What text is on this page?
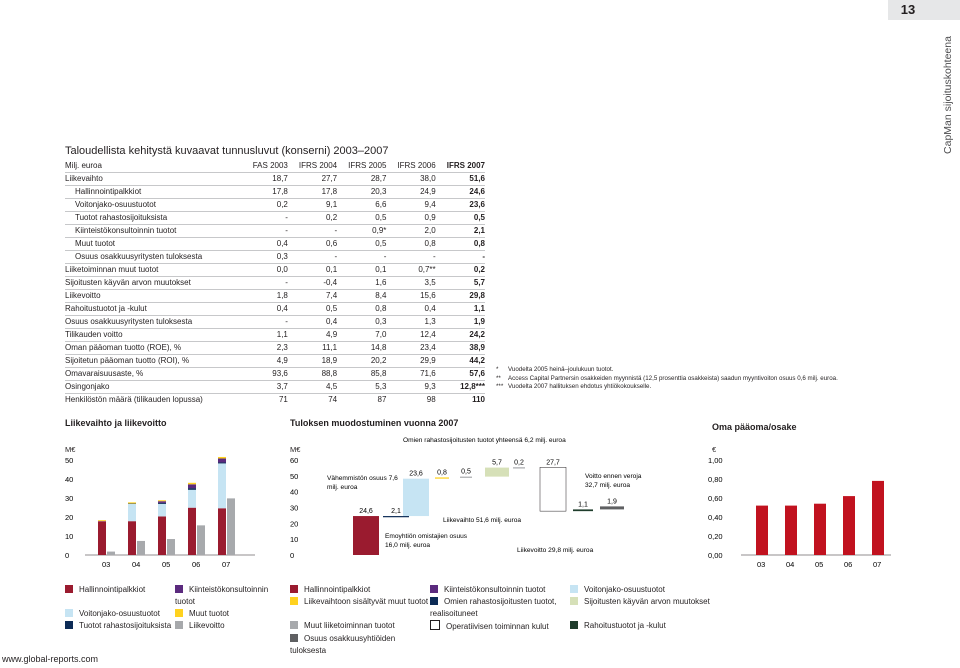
13
CapMan sijoituskohteena
Taloudellista kehitystä kuvaavat tunnusluvut (konserni) 2003–2007
Milj. euroa	FAS 2003	IFRS 2004	IFRS 2005	IFRS 2006	IFRS 2007
Liikevaihto	18,7	27,7	28,7	38,0	51,6
Hallinnointipalkkiot	17,8	17,8	20,3	24,9	24,6
Voitonjako-osuustuotot	0,2	9,1	6,6	9,4	23,6
Tuotot rahastosijoituksista	-	0,2	0,5	0,9	0,5
Kiinteistökonsultoinnin tuotot	-	-	0,9*	2,0	2,1
Muut tuotot	0,4	0,6	0,5	0,8	0,8
Osuus osakkuusyritysten tuloksesta	0,3	-	-	-	-
Liiketoiminnan muut tuotot	0,0	0,1	0,1	0,7**	0,2
Sijoitusten käyvän arvon muutokset	-	-0,4	1,6	3,5	5,7
Liikevoitto	1,8	7,4	8,4	15,6	29,8
Rahoitustuotot ja -kulut	0,4	0,5	0,8	0,4	1,1
Osuus osakkuusyritysten tuloksesta	-	0,4	0,3	1,3	1,9
Tilikauden voitto	1,1	4,9	7,0	12,4	24,2
Oman pääoman tuotto (ROE), %	2,3	11,1	14,8	23,4	38,9
Sijoitetun pääoman tuotto (ROI), %	4,9	18,9	20,2	29,9	44,2
Omavaraisuusaste, %	93,6	88,8	85,8	71,6	57,6
Osingonjako	3,7	4,5	5,3	9,3	12,8***
Henkilöstön määrä (tilikauden lopussa)	71	74	87	98	110
* Vuodelta 2005 heinä–joulukuun tuotot.
** Access Capital Partnersin osakkeiden myynnistä (12,5 prosenttia osakkeista) saadun myyntivoiton osuus 0,6 milj. euroa.
*** Vuodelta 2007 hallituksen ehdotus yhtiökokoukselle.
Liikevaihto ja liikevoitto
M€
0
10
20
30
40
50
03	04	05	06	07
Hallinnointipalkkiot	Kiinteistökonsultoinnin tuotot
Voitonjako-osuustuotot	Muut tuotot
Tuotot rahastosijoituksista	Liikevoitto
Tuloksen muodostuminen vuonna 2007
M€
0
10
20
30
40
50
60
24,6
23,6
2,1
0,8 0,5
5,7 0,2	27,7
1,1	1,9
Omien rahastosijoitusten tuotot yhteensä 6,2 milj. euroa
Vähemmistön osuus 7,6 milj. euroa
Voitto ennen veroja 32,7 milj. euroa
Liikevaihto 51,6 milj. euroa
Emoyhtiön omistajien osuus 16,0 milj. euroa
Liikevoitto 29,8 milj. euroa
Hallinnointipalkkiot	Kiinteistökonsultoinnin tuotot	Voitonjako-osuustuotot
Liikevaihtoon sisältyvät muut tuotot	Omien rahastosijoitusten tuotot, realisoituneet
Sijoitusten käyvän arvon muutokset
Muut liiketoiminnan tuotot	Operatiivisen toiminnan kulut	Rahoitustuotot ja -kulut
Osuus osakkuusyhtiöiden tuloksesta
Oma pääoma/osake
€
0,00
0,20
0,40
0,60
0,80
1,00
03	04	05	06	07
www.global-reports.com
